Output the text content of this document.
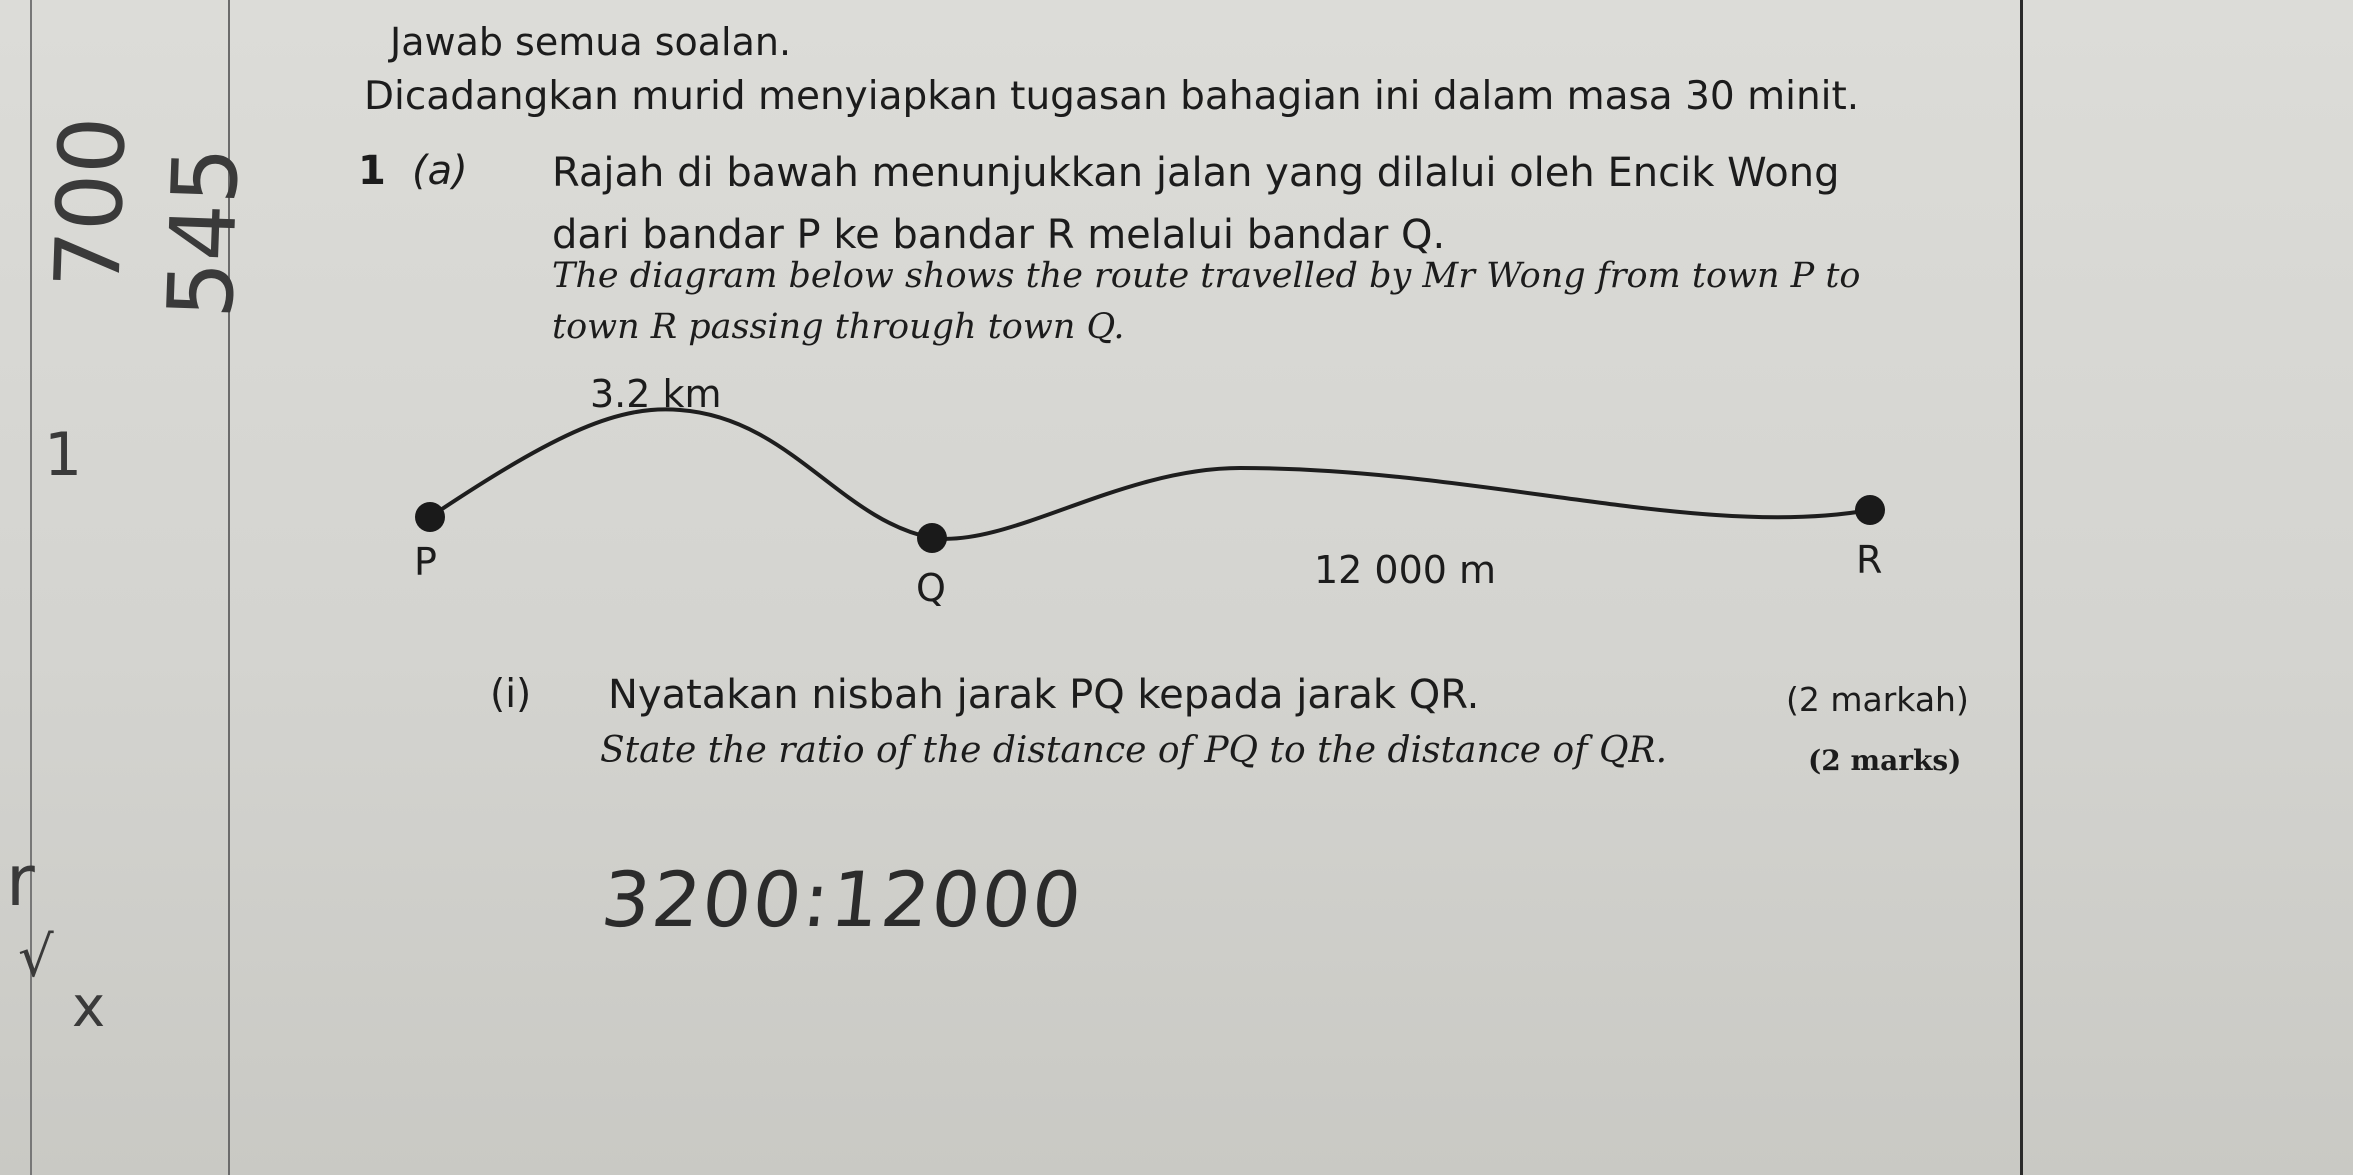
700 545
1
r
√
x
Jawab semua soalan.
Dicadangkan murid menyiapkan tugasan bahagian ini dalam masa 30 minit.
1 (a) Rajah di bawah menunjukkan jalan yang dilalui oleh Encik Wong
dari bandar P ke bandar R melalui bandar Q.
The diagram below shows the route travelled by Mr Wong from town P to
town R passing through town Q.
3.2 km
12 000 m
P
Q
R
(i) Nyatakan nisbah jarak PQ kepada jarak QR.	(2 markah)
State the ratio of the distance of PQ to the distance of QR.	(2 marks)
3200:12000
